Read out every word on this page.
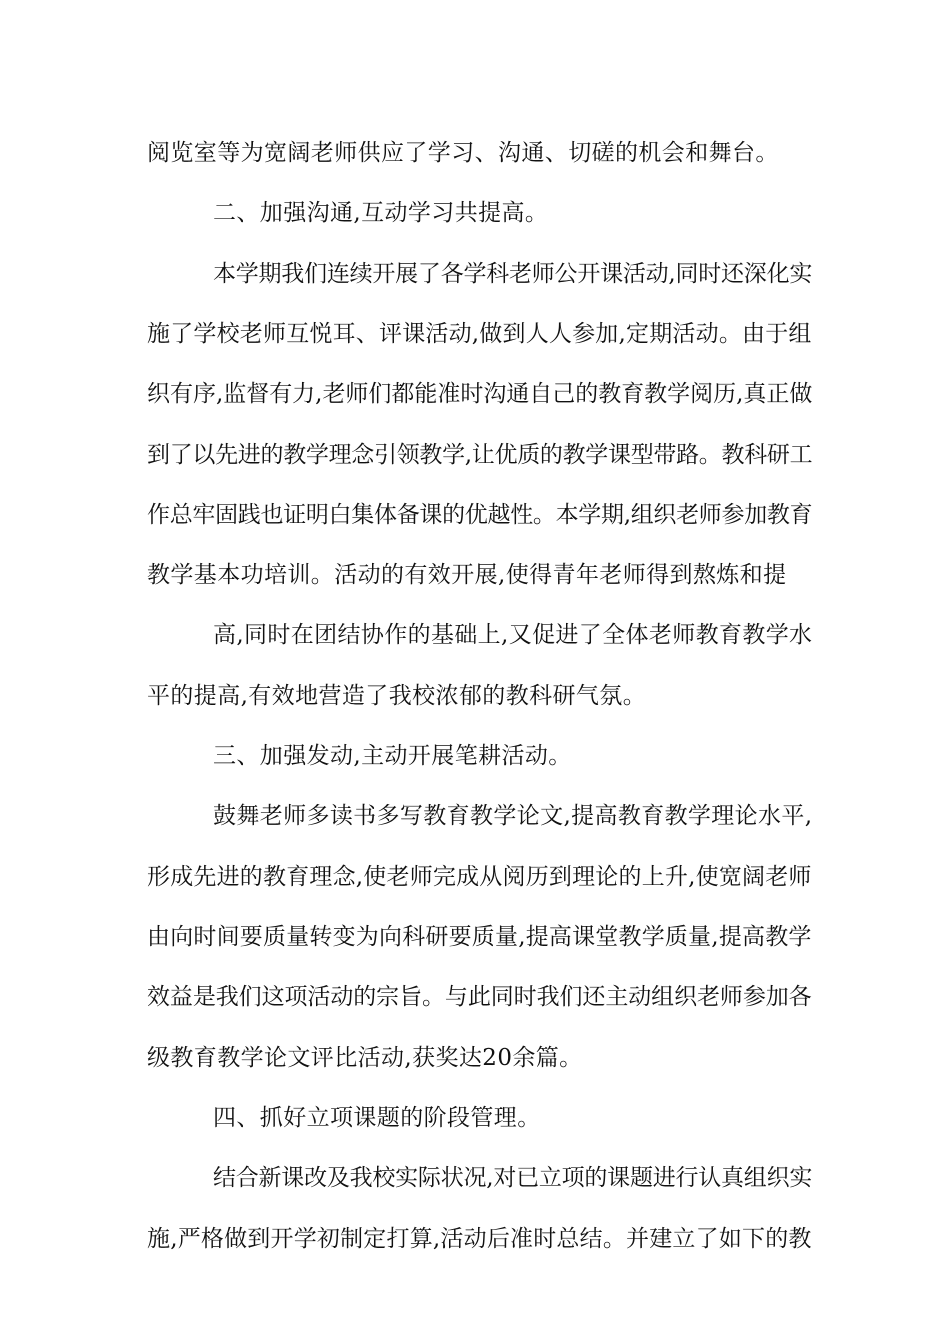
阅览室等为宽阔老师供应了学习、沟通、切磋的机会和舞台。
二、加强沟通,互动学习共提高。
本学期我们连续开展了各学科老师公开课活动,同时还深化实
施了学校老师互悦耳、评课活动,做到人人参加,定期活动。由于组
织有序,监督有力,老师们都能准时沟通自己的教育教学阅历,真正做
到了以先进的教学理念引领教学,让优质的教学课型带路。教科研工
作总牢固践也证明白集体备课的优越性。本学期,组织老师参加教育
教学基本功培训。活动的有效开展,使得青年老师得到熬炼和提
高,同时在团结协作的基础上,又促进了全体老师教育教学水
平的提高,有效地营造了我校浓郁的教科研气氛。
三、加强发动,主动开展笔耕活动。
鼓舞老师多读书多写教育教学论文,提高教育教学理论水平,
形成先进的教育理念,使老师完成从阅历到理论的上升,使宽阔老师
由向时间要质量转变为向科研要质量,提高课堂教学质量,提高教学
效益是我们这项活动的宗旨。与此同时我们还主动组织老师参加各
级教育教学论文评比活动,获奖达20余篇。
四、抓好立项课题的阶段管理。
结合新课改及我校实际状况,对已立项的课题进行认真组织实
施,严格做到开学初制定打算,活动后准时总结。并建立了如下的教
